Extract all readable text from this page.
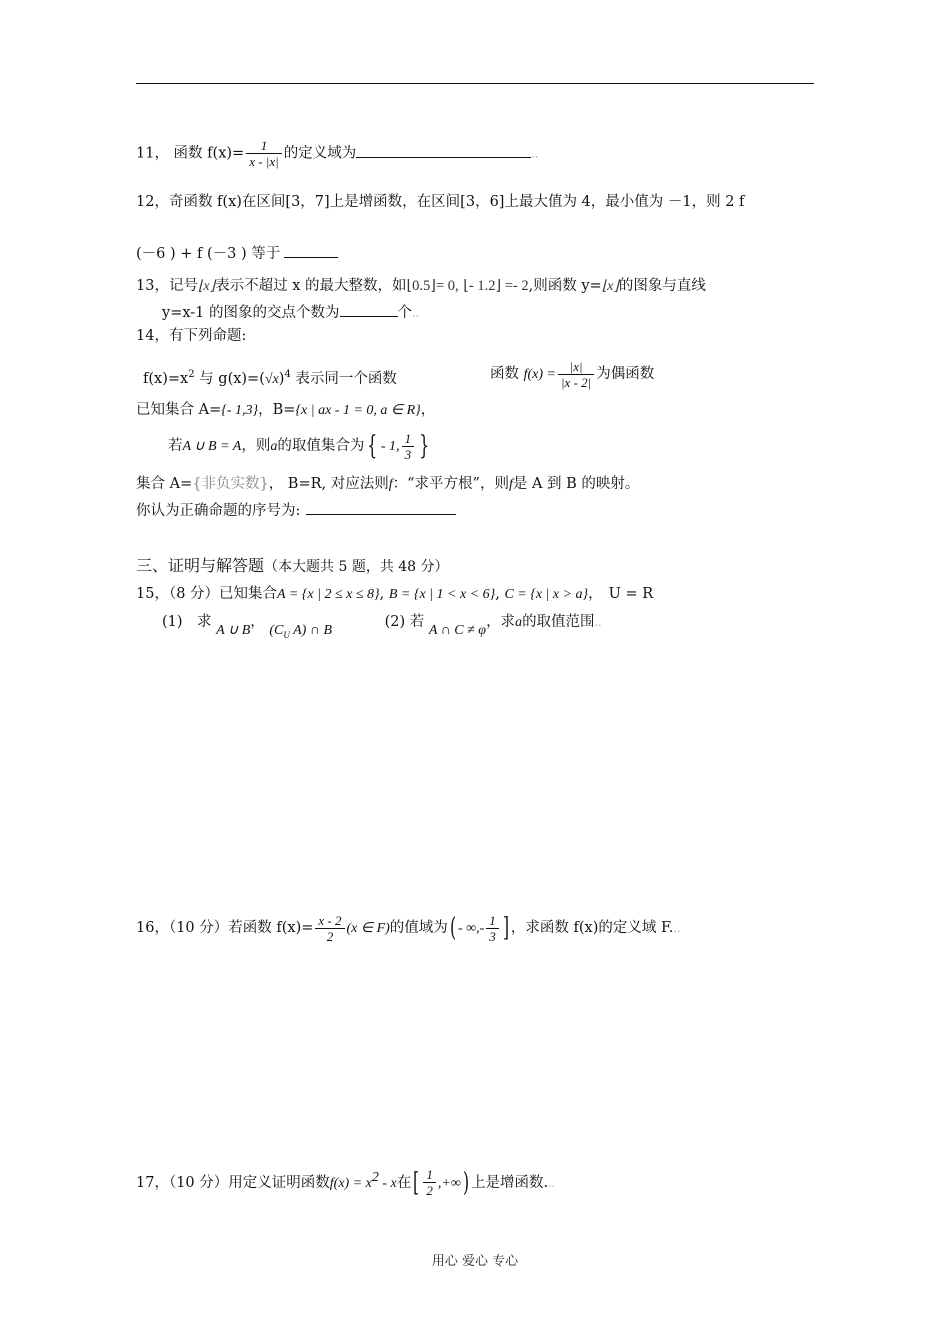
11， 函数 $f(x)= \frac{1}{x - |x|}$ 的定义域为	..
12，奇函数 f(x)在区间[3，7]上是增函数，在区间[3，6]上最大值为 4，最小值为 －1，则 2 f
(－6 ) + f (－3 ) 等于
13，记号⌊x⌋表示不超过 x 的最大整数，如⌊0.5⌋= 0, ⌊- 1.2⌋ =- 2,则函数 y=⌊x⌋的图象与直线
y=x-1 的图象的交点个数为	个..
14，有下列命题:
$f(x)=x^2$ 与 $g(x)=(√x)^4$ 表示同一个函数	函数 $f(x) = \frac{|x|}{|x - 2|}$ 为偶函数
已知集合 A={- 1,3}，B={x | ax - 1 = 0, a ∈ R}，
若A ∪ B = A，则a的取值集合为 { - 1, $\frac{1}{3}$ }
集合 A={非负实数}， B=R, 对应法则f：“求平方根”，则f是 A 到 B 的映射。
你认为正确命题的序号为:
三、证明与解答题（本大题共 5 题，共 48 分）
15，（8 分）已知集合A = {x | 2 ≤ x ≤ 8}, B = {x | 1 < x < 6}, C = {x | x > a}， U = R
(1)　求 A ∪ B， ($C_U$ A) ∩ B (2) 若 A ∩ C ≠ φ，求a的取值范围..
16，（10 分）若函数 $f(x)= \frac{x - 2}{2} (x$ ∈ F)的值域为( - ∞,- $\frac{1}{3}$ ] ，求函数 f(x)的定义域 F...
17，（10 分）用定义证明函数$f(x) = x^2 - x$在[ $\frac{1}{2}$ ,+∞) 上是增函数...
用心 爱心 专心
